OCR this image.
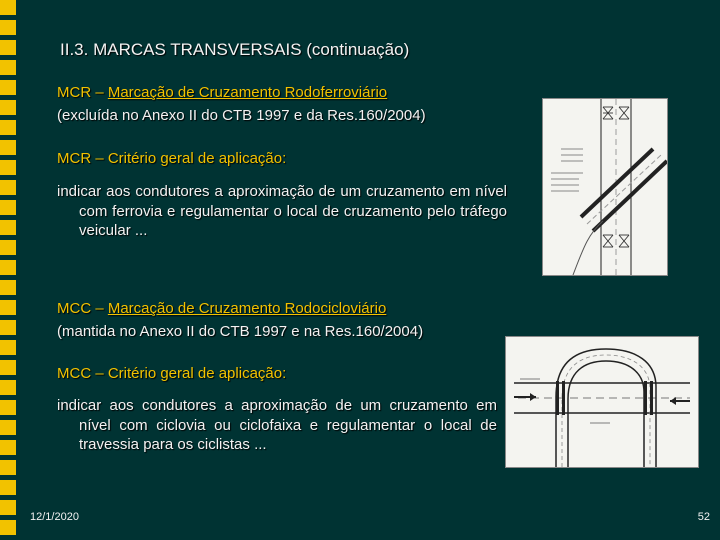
II.3. MARCAS TRANSVERSAIS (continuação)
MCR – Marcação de Cruzamento Rodoferroviário
(excluída no Anexo II do CTB 1997 e da Res.160/2004)
MCR – Critério geral de aplicação:
indicar aos condutores a aproximação de um cruzamento em nível com ferrovia e regulamentar o local de cruzamento pelo tráfego veicular ...
MCC – Marcação de Cruzamento Rodocicloviário
(mantida no Anexo II do CTB 1997 e na Res.160/2004)
MCC – Critério geral de aplicação:
indicar aos condutores a aproximação de um cruzamento em nível com ciclovia ou ciclofaixa e regulamentar o local de travessia para os ciclistas ...
12/1/2020	52
